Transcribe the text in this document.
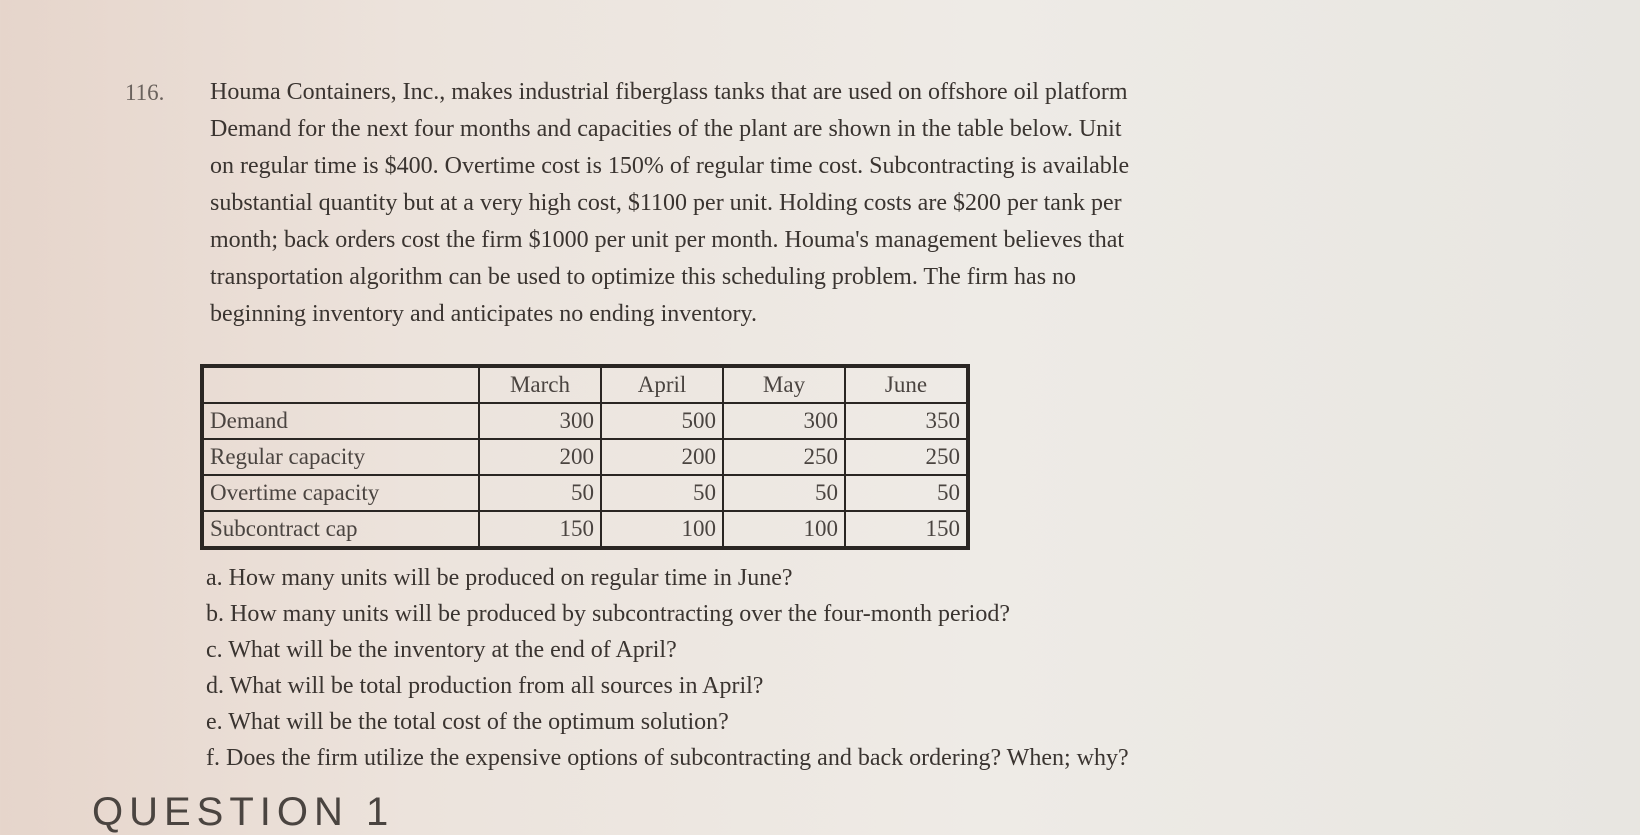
116. Houma Containers, Inc., makes industrial fiberglass tanks that are used on offshore oil platform
Demand for the next four months and capacities of the plant are shown in the table below. Unit
on regular time is $400. Overtime cost is 150% of regular time cost. Subcontracting is available
substantial quantity but at a very high cost, $1100 per unit. Holding costs are $200 per tank per
month; back orders cost the firm $1000 per unit per month. Houma's management believes that
transportation algorithm can be used to optimize this scheduling problem. The firm has no
beginning inventory and anticipates no ending inventory.
	March	April	May	June
Demand	300	500	300	350
Regular capacity	200	200	250	250
Overtime capacity	50	50	50	50
Subcontract cap	150	100	100	150
a. How many units will be produced on regular time in June?
b. How many units will be produced by subcontracting over the four-month period?
c. What will be the inventory at the end of April?
d. What will be total production from all sources in April?
e. What will be the total cost of the optimum solution?
f. Does the firm utilize the expensive options of subcontracting and back ordering? When; why?
QUESTION 1
